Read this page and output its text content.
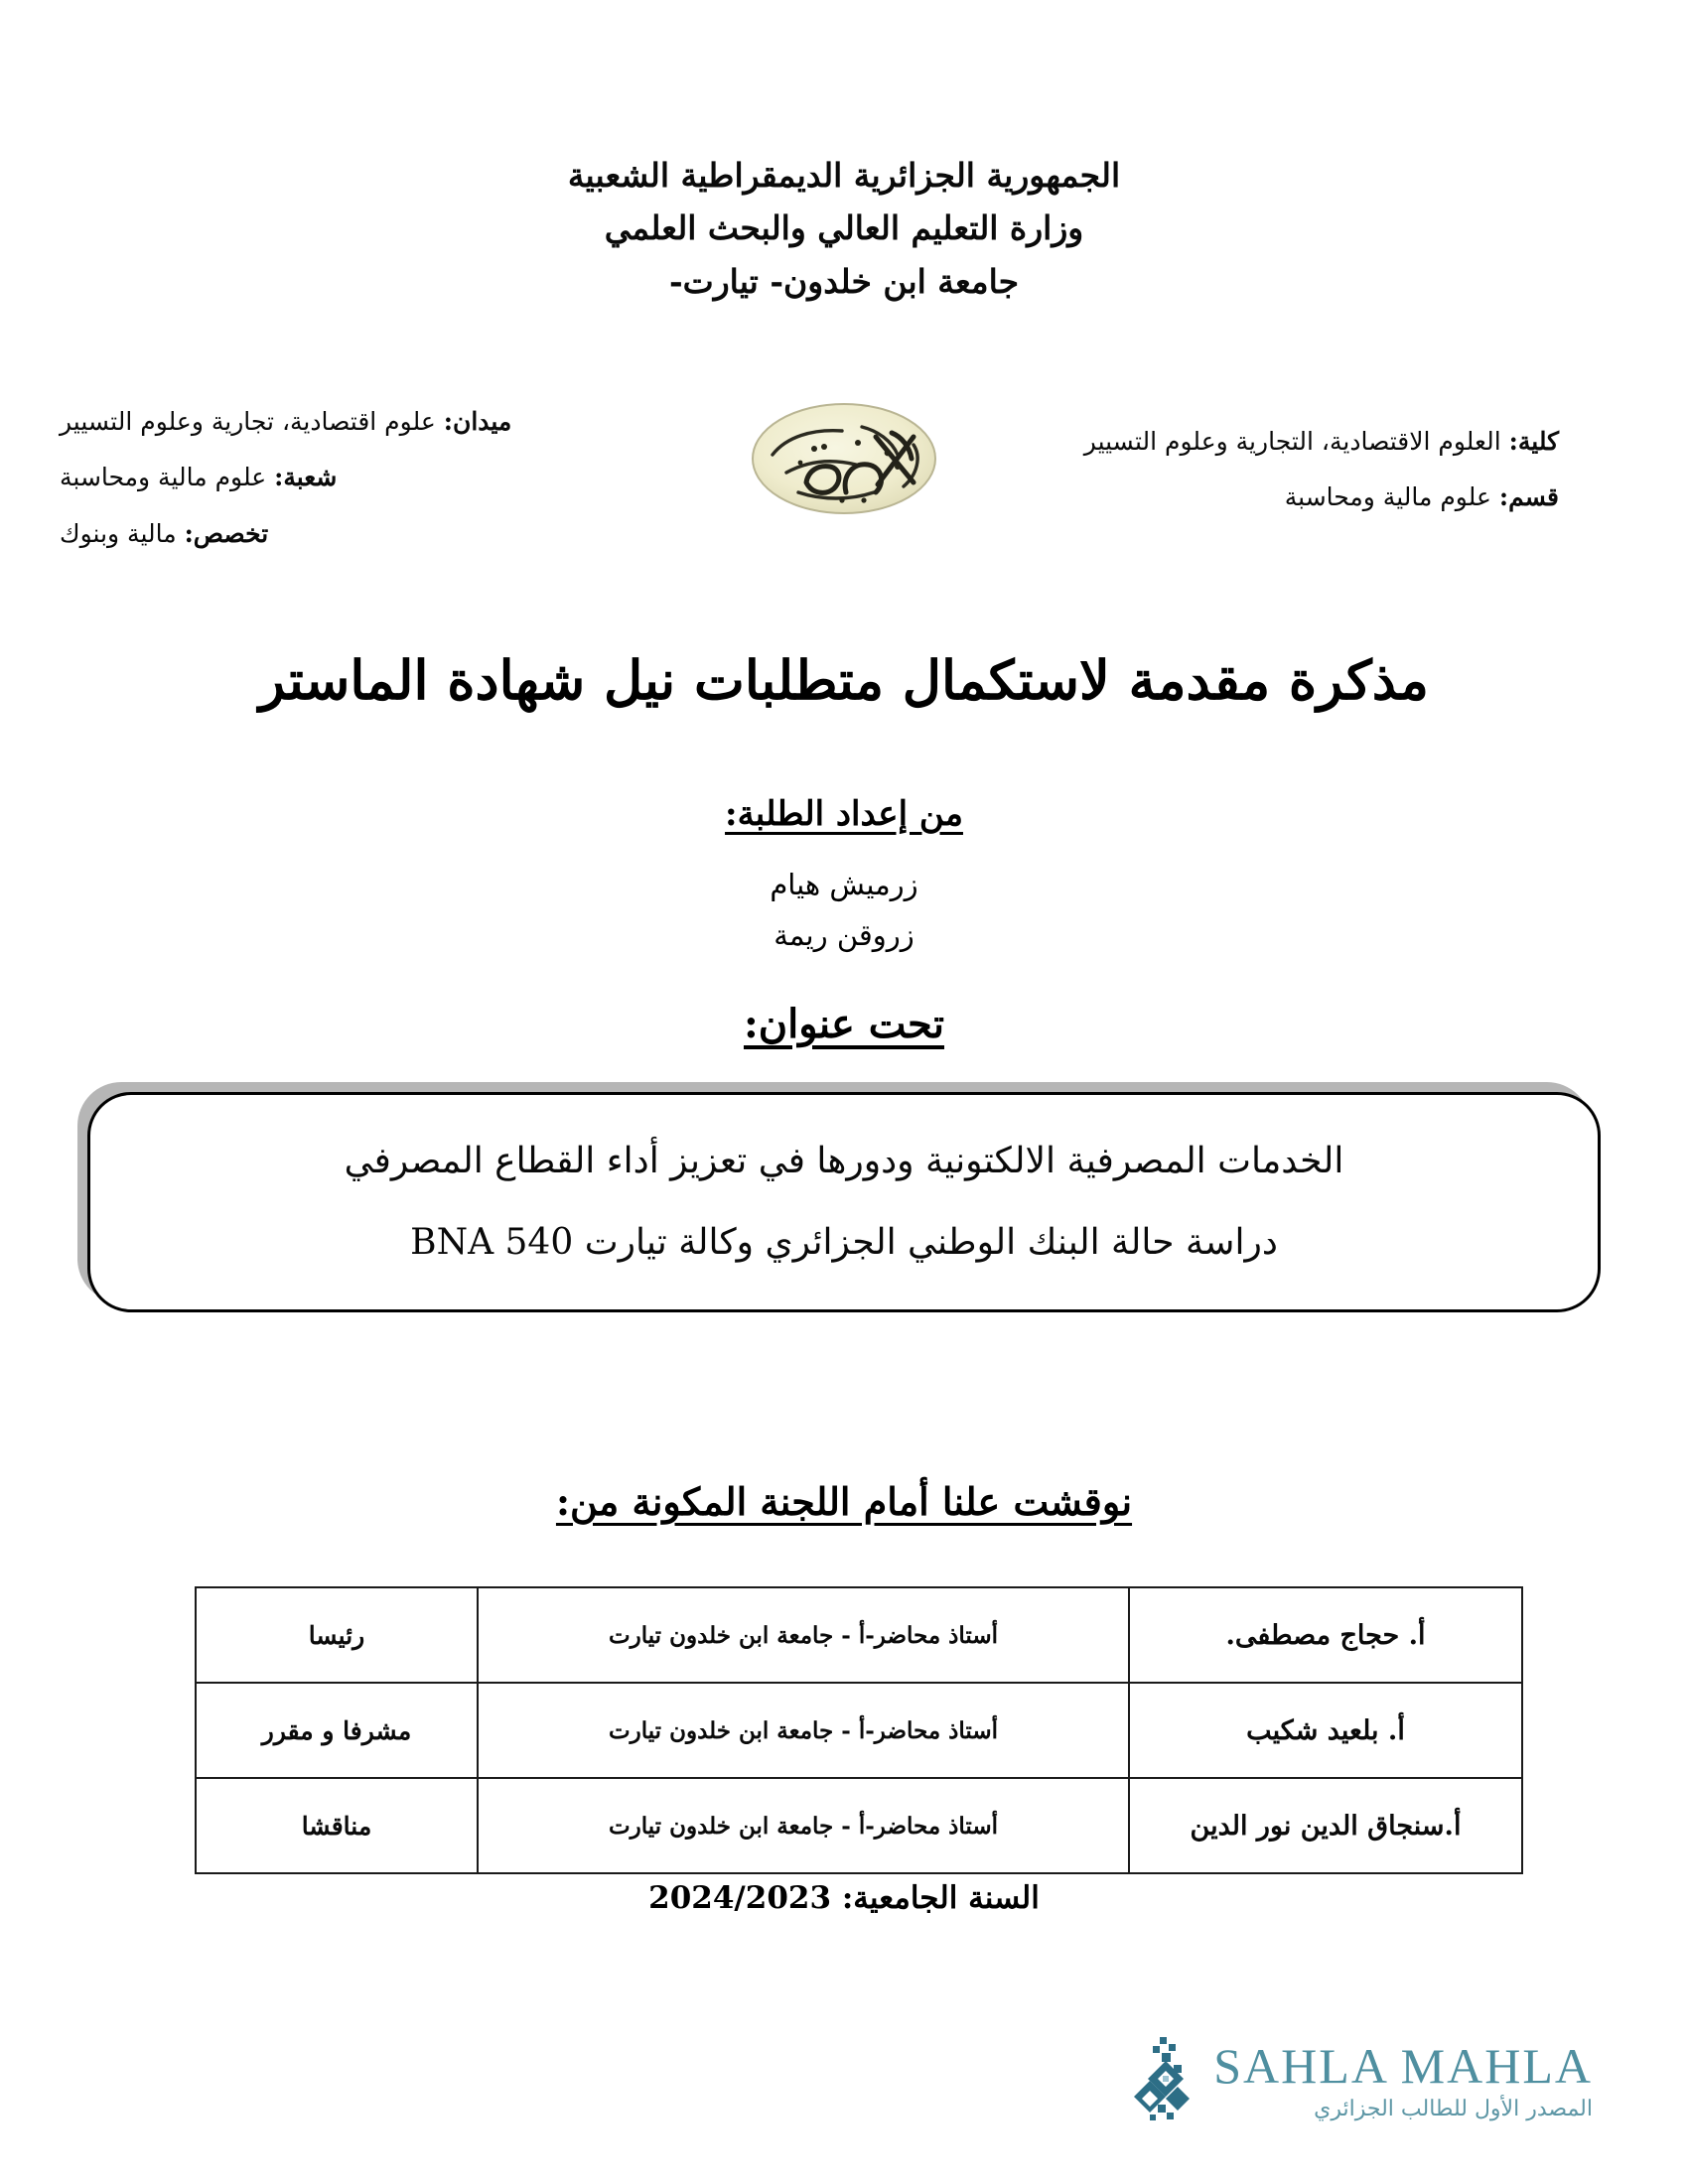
الجمهورية الجزائرية الديمقراطية الشعبية
وزارة التعليم العالي والبحث العلمي
جامعة ابن خلدون- تيارت-
كلية: العلوم الاقتصادية، التجارية وعلوم التسيير
قسم: علوم مالية ومحاسبة
ميدان: علوم اقتصادية، تجارية وعلوم التسيير
شعبة: علوم مالية ومحاسبة
تخصص: مالية وبنوك
مذكرة مقدمة لاستكمال متطلبات نيل شهادة الماستر
من إعداد الطلبة:
زرميش هيام
زروقن ريمة
تحت عنوان:
الخدمات المصرفية الالكتونية ودورها في تعزيز أداء القطاع المصرفي
دراسة حالة البنك الوطني الجزائري وكالة تيارت BNA 540
نوقشت علنا أمام اللجنة المكونة من:
أ. حجاج مصطفى.	أستاذ محاضر-أ - جامعة ابن خلدون تيارت	رئيسا
أ. بلعيد شكيب	أستاذ محاضر-أ - جامعة ابن خلدون تيارت	مشرفا و مقرر
أ.سنجاق الدين نور الدين	أستاذ محاضر-أ - جامعة ابن خلدون تيارت	مناقشا
السنة الجامعية: 2024/2023
SAHLA MAHLA
المصدر الأول للطالب الجزائري
